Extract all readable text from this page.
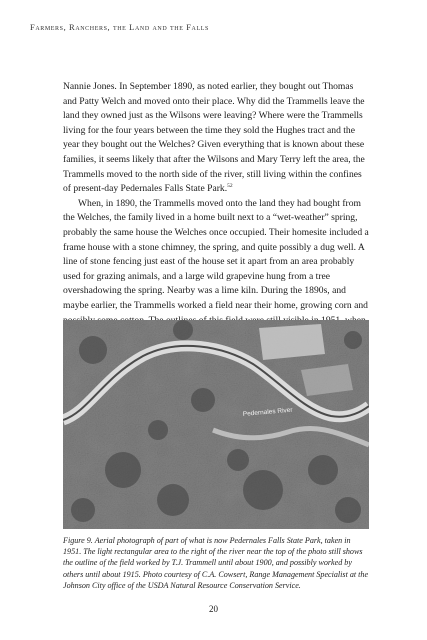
Farmers, Ranchers, the Land and the Falls

Nannie Jones. In September 1890, as noted earlier, they bought out Thomas and Patty Welch and moved onto their place. Why did the Trammells leave the land they owned just as the Wilsons were leaving? Where were the Trammells living for the four years between the time they sold the Hughes tract and the year they bought out the Welches? Given everything that is known about these families, it seems likely that after the Wilsons and Mary Terry left the area, the Trammells moved to the north side of the river, still living within the confines of present-day Pedernales Falls State Park.$^{52}$

When, in 1890, the Trammells moved onto the land they had bought from the Welches, the family lived in a home built next to a “wet-weather” spring, probably the same house the Welches once occupied. Their homesite included a frame house with a stone chimney, the spring, and quite possibly a dug well. A line of stone fencing just east of the house set it apart from an area probably used for grazing animals, and a large wild grapevine hung from a tree overshadowing the spring. Nearby was a lime kiln. During the 1890s, and maybe earlier, the Trammells worked a field near their home, growing corn and

Pedernales River

Figure 9. Aerial photograph of part of what is now Pedernales Falls State Park, taken in 1951. The light rectangular area to the right of the river near the top of the photo still shows the outline of the field worked by T.J. Trammell until about 1900, and possibly worked by others until about 1915. Photo courtesy of C.A. Cowsert, Range Management Specialist at the Johnson City office of the USDA Natural Resource Conservation Service.

20
